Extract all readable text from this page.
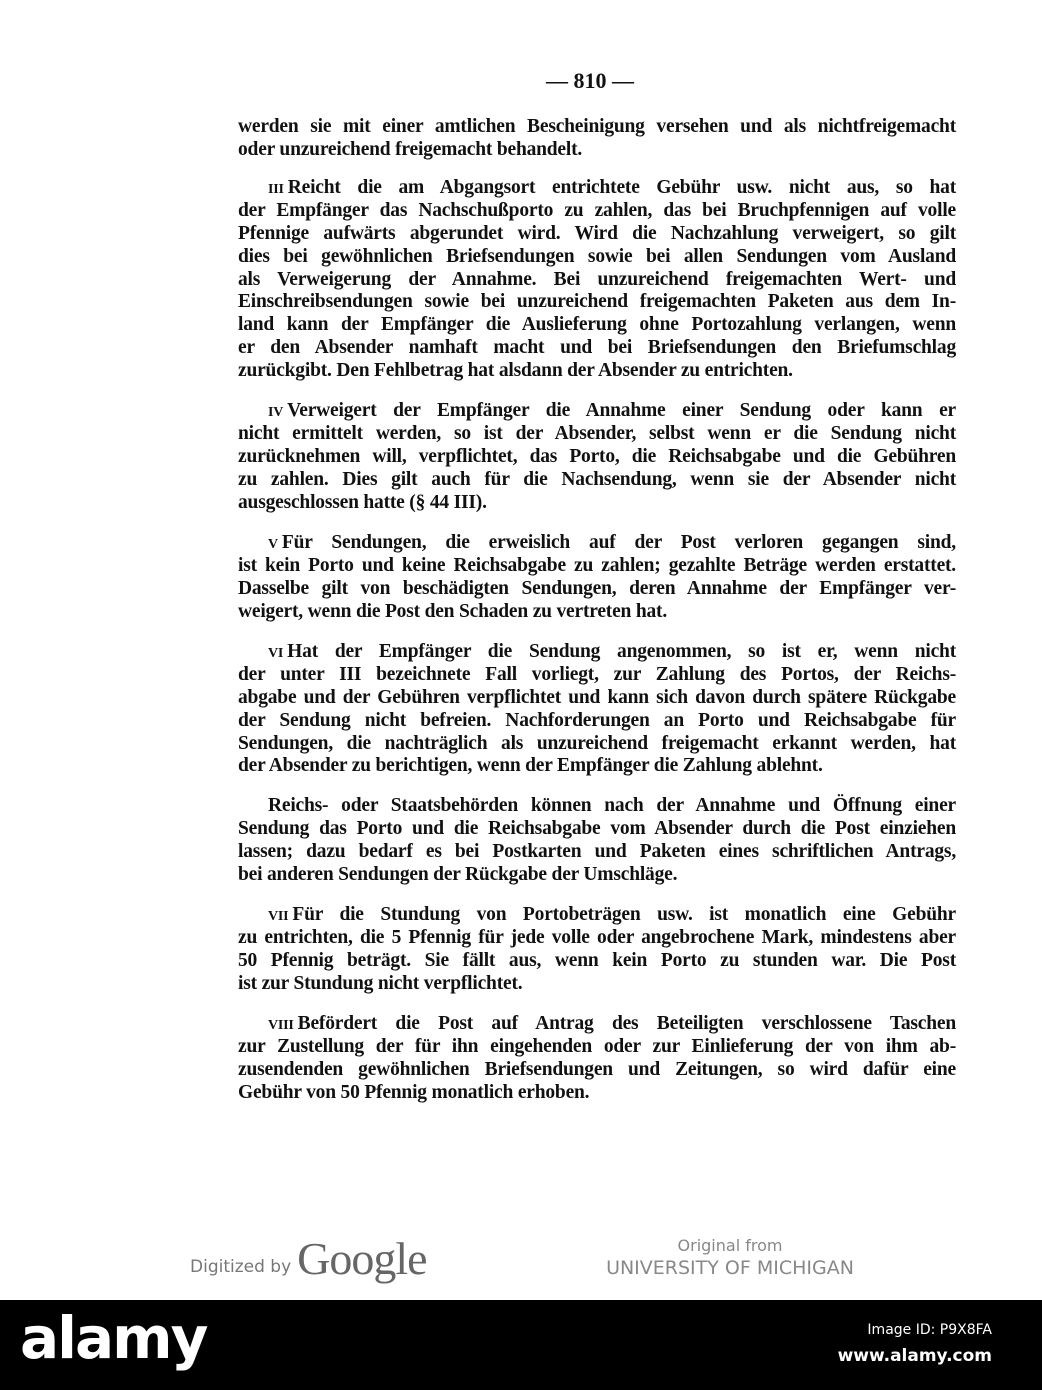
— 810 —
werden sie mit einer amtlichen Bescheinigung versehen und als nichtfreigemacht
oder unzureichend freigemacht behandelt.
III Reicht die am Abgangsort entrichtete Gebühr usw. nicht aus, so hat
der Empfänger das Nachschußporto zu zahlen, das bei Bruchpfennigen auf volle
Pfennige aufwärts abgerundet wird. Wird die Nachzahlung verweigert, so gilt
dies bei gewöhnlichen Briefsendungen sowie bei allen Sendungen vom Ausland
als Verweigerung der Annahme. Bei unzureichend freigemachten Wert- und
Einschreibsendungen sowie bei unzureichend freigemachten Paketen aus dem In-
land kann der Empfänger die Auslieferung ohne Portozahlung verlangen, wenn
er den Absender namhaft macht und bei Briefsendungen den Briefumschlag
zurückgibt. Den Fehlbetrag hat alsdann der Absender zu entrichten.
IV Verweigert der Empfänger die Annahme einer Sendung oder kann er
nicht ermittelt werden, so ist der Absender, selbst wenn er die Sendung nicht
zurücknehmen will, verpflichtet, das Porto, die Reichsabgabe und die Gebühren
zu zahlen. Dies gilt auch für die Nachsendung, wenn sie der Absender nicht
ausgeschlossen hatte (§ 44 III).
V Für Sendungen, die erweislich auf der Post verloren gegangen sind,
ist kein Porto und keine Reichsabgabe zu zahlen; gezahlte Beträge werden erstattet.
Dasselbe gilt von beschädigten Sendungen, deren Annahme der Empfänger ver-
weigert, wenn die Post den Schaden zu vertreten hat.
VI Hat der Empfänger die Sendung angenommen, so ist er, wenn nicht
der unter III bezeichnete Fall vorliegt, zur Zahlung des Portos, der Reichs-
abgabe und der Gebühren verpflichtet und kann sich davon durch spätere Rückgabe
der Sendung nicht befreien. Nachforderungen an Porto und Reichsabgabe für
Sendungen, die nachträglich als unzureichend freigemacht erkannt werden, hat
der Absender zu berichtigen, wenn der Empfänger die Zahlung ablehnt.
Reichs- oder Staatsbehörden können nach der Annahme und Öffnung einer
Sendung das Porto und die Reichsabgabe vom Absender durch die Post einziehen
lassen; dazu bedarf es bei Postkarten und Paketen eines schriftlichen Antrags,
bei anderen Sendungen der Rückgabe der Umschläge.
VII Für die Stundung von Portobeträgen usw. ist monatlich eine Gebühr
zu entrichten, die 5 Pfennig für jede volle oder angebrochene Mark, mindestens aber
50 Pfennig beträgt. Sie fällt aus, wenn kein Porto zu stunden war. Die Post
ist zur Stundung nicht verpflichtet.
VIII Befördert die Post auf Antrag des Beteiligten verschlossene Taschen
zur Zustellung der für ihn eingehenden oder zur Einlieferung der von ihm ab-
zusendenden gewöhnlichen Briefsendungen und Zeitungen, so wird dafür eine
Gebühr von 50 Pfennig monatlich erhoben.
Digitized by Google	Original from
UNIVERSITY OF MICHIGAN
alamy	Image ID: P9X8FA
www.alamy.com
